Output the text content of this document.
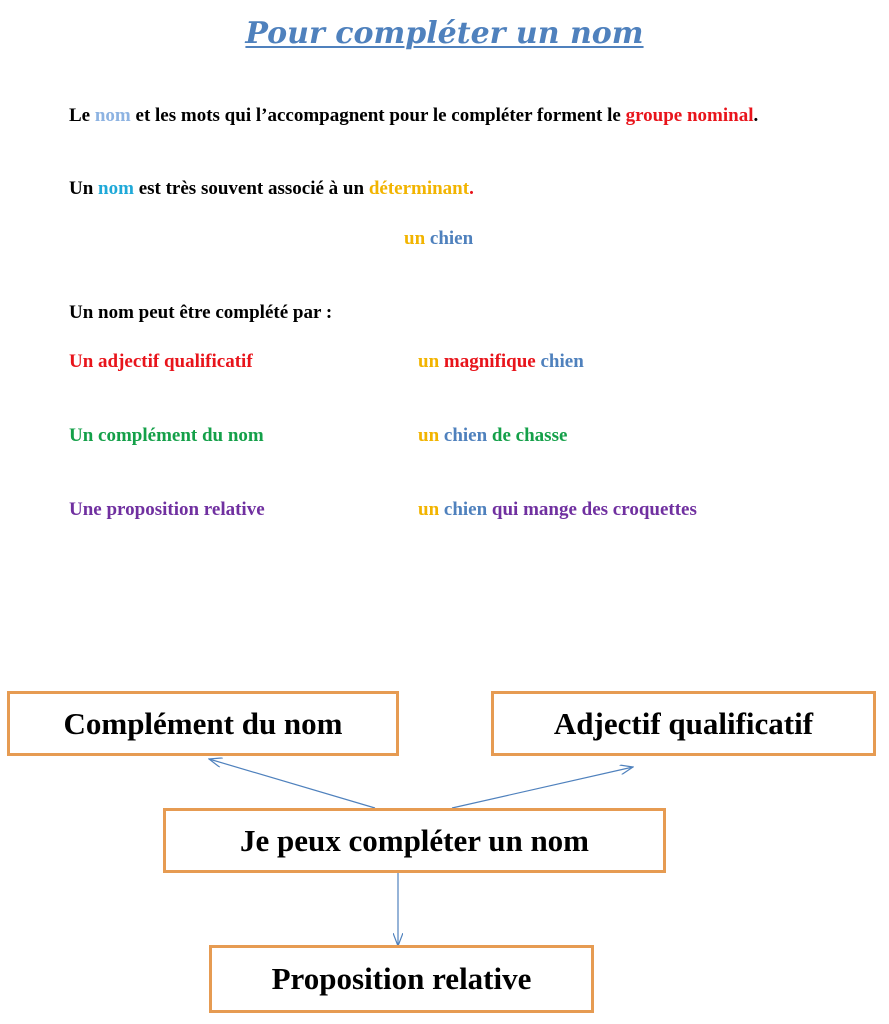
Pour compléter un nom
Le nom et les mots qui l’accompagnent pour le compléter forment le groupe nominal.
Un nom est très souvent associé à un déterminant.
un chien
Un nom peut être complété par :
Un adjectif qualificatif	un magnifique chien
Un complément du nom	un chien de chasse
Une proposition relative	un chien qui mange des croquettes
Complément du nom	Adjectif qualificatif
Je peux compléter un nom
Proposition relative
